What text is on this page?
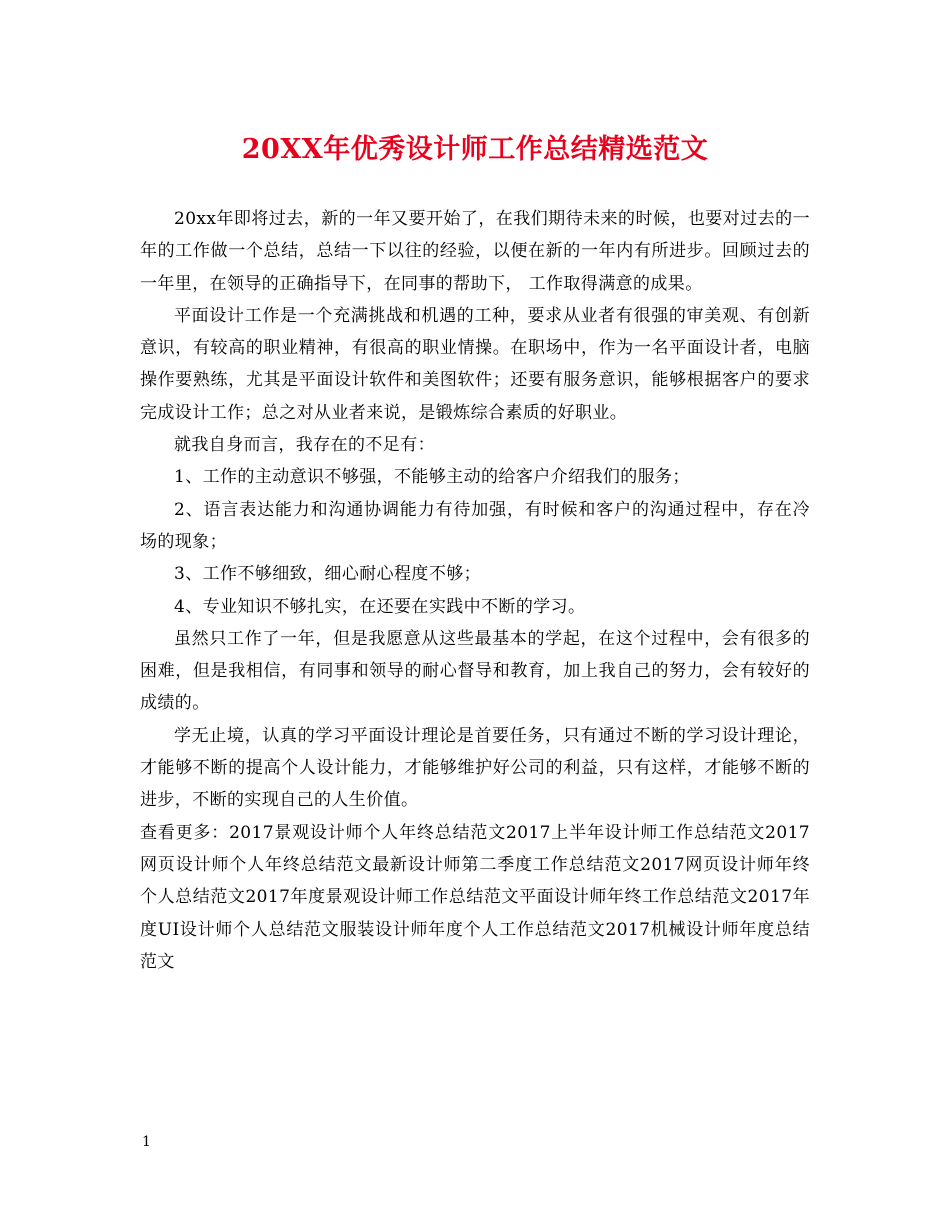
20XX年优秀设计师工作总结精选范文

20xx年即将过去，新的一年又要开始了，在我们期待未来的时候，也要对过去的一年的工作做一个总结，总结一下以往的经验，以便在新的一年内有所进步。回顾过去的一年里，在领导的正确指导下，在同事的帮助下， 工作取得满意的成果。

平面设计工作是一个充满挑战和机遇的工种，要求从业者有很强的审美观、有创新意识，有较高的职业精神，有很高的职业情操。在职场中，作为一名平面设计者，电脑操作要熟练，尤其是平面设计软件和美图软件；还要有服务意识，能够根据客户的要求完成设计工作；总之对从业者来说，是锻炼综合素质的好职业。

就我自身而言，我存在的不足有：

1、工作的主动意识不够强，不能够主动的给客户介绍我们的服务；

2、语言表达能力和沟通协调能力有待加强，有时候和客户的沟通过程中，存在冷场的现象；

3、工作不够细致，细心耐心程度不够；

4、专业知识不够扎实，在还要在实践中不断的学习。

虽然只工作了一年，但是我愿意从这些最基本的学起，在这个过程中，会有很多的困难，但是我相信，有同事和领导的耐心督导和教育，加上我自己的努力，会有较好的成绩的。

学无止境，认真的学习平面设计理论是首要任务，只有通过不断的学习设计理论，才能够不断的提高个人设计能力，才能够维护好公司的利益，只有这样，才能够不断的进步，不断的实现自己的人生价值。

查看更多：2017景观设计师个人年终总结范文2017上半年设计师工作总结范文2017网页设计师个人年终总结范文最新设计师第二季度工作总结范文2017网页设计师年终个人总结范文2017年度景观设计师工作总结范文平面设计师年终工作总结范文2017年度UI设计师个人总结范文服装设计师年度个人工作总结范文2017机械设计师年度总结范文

1
